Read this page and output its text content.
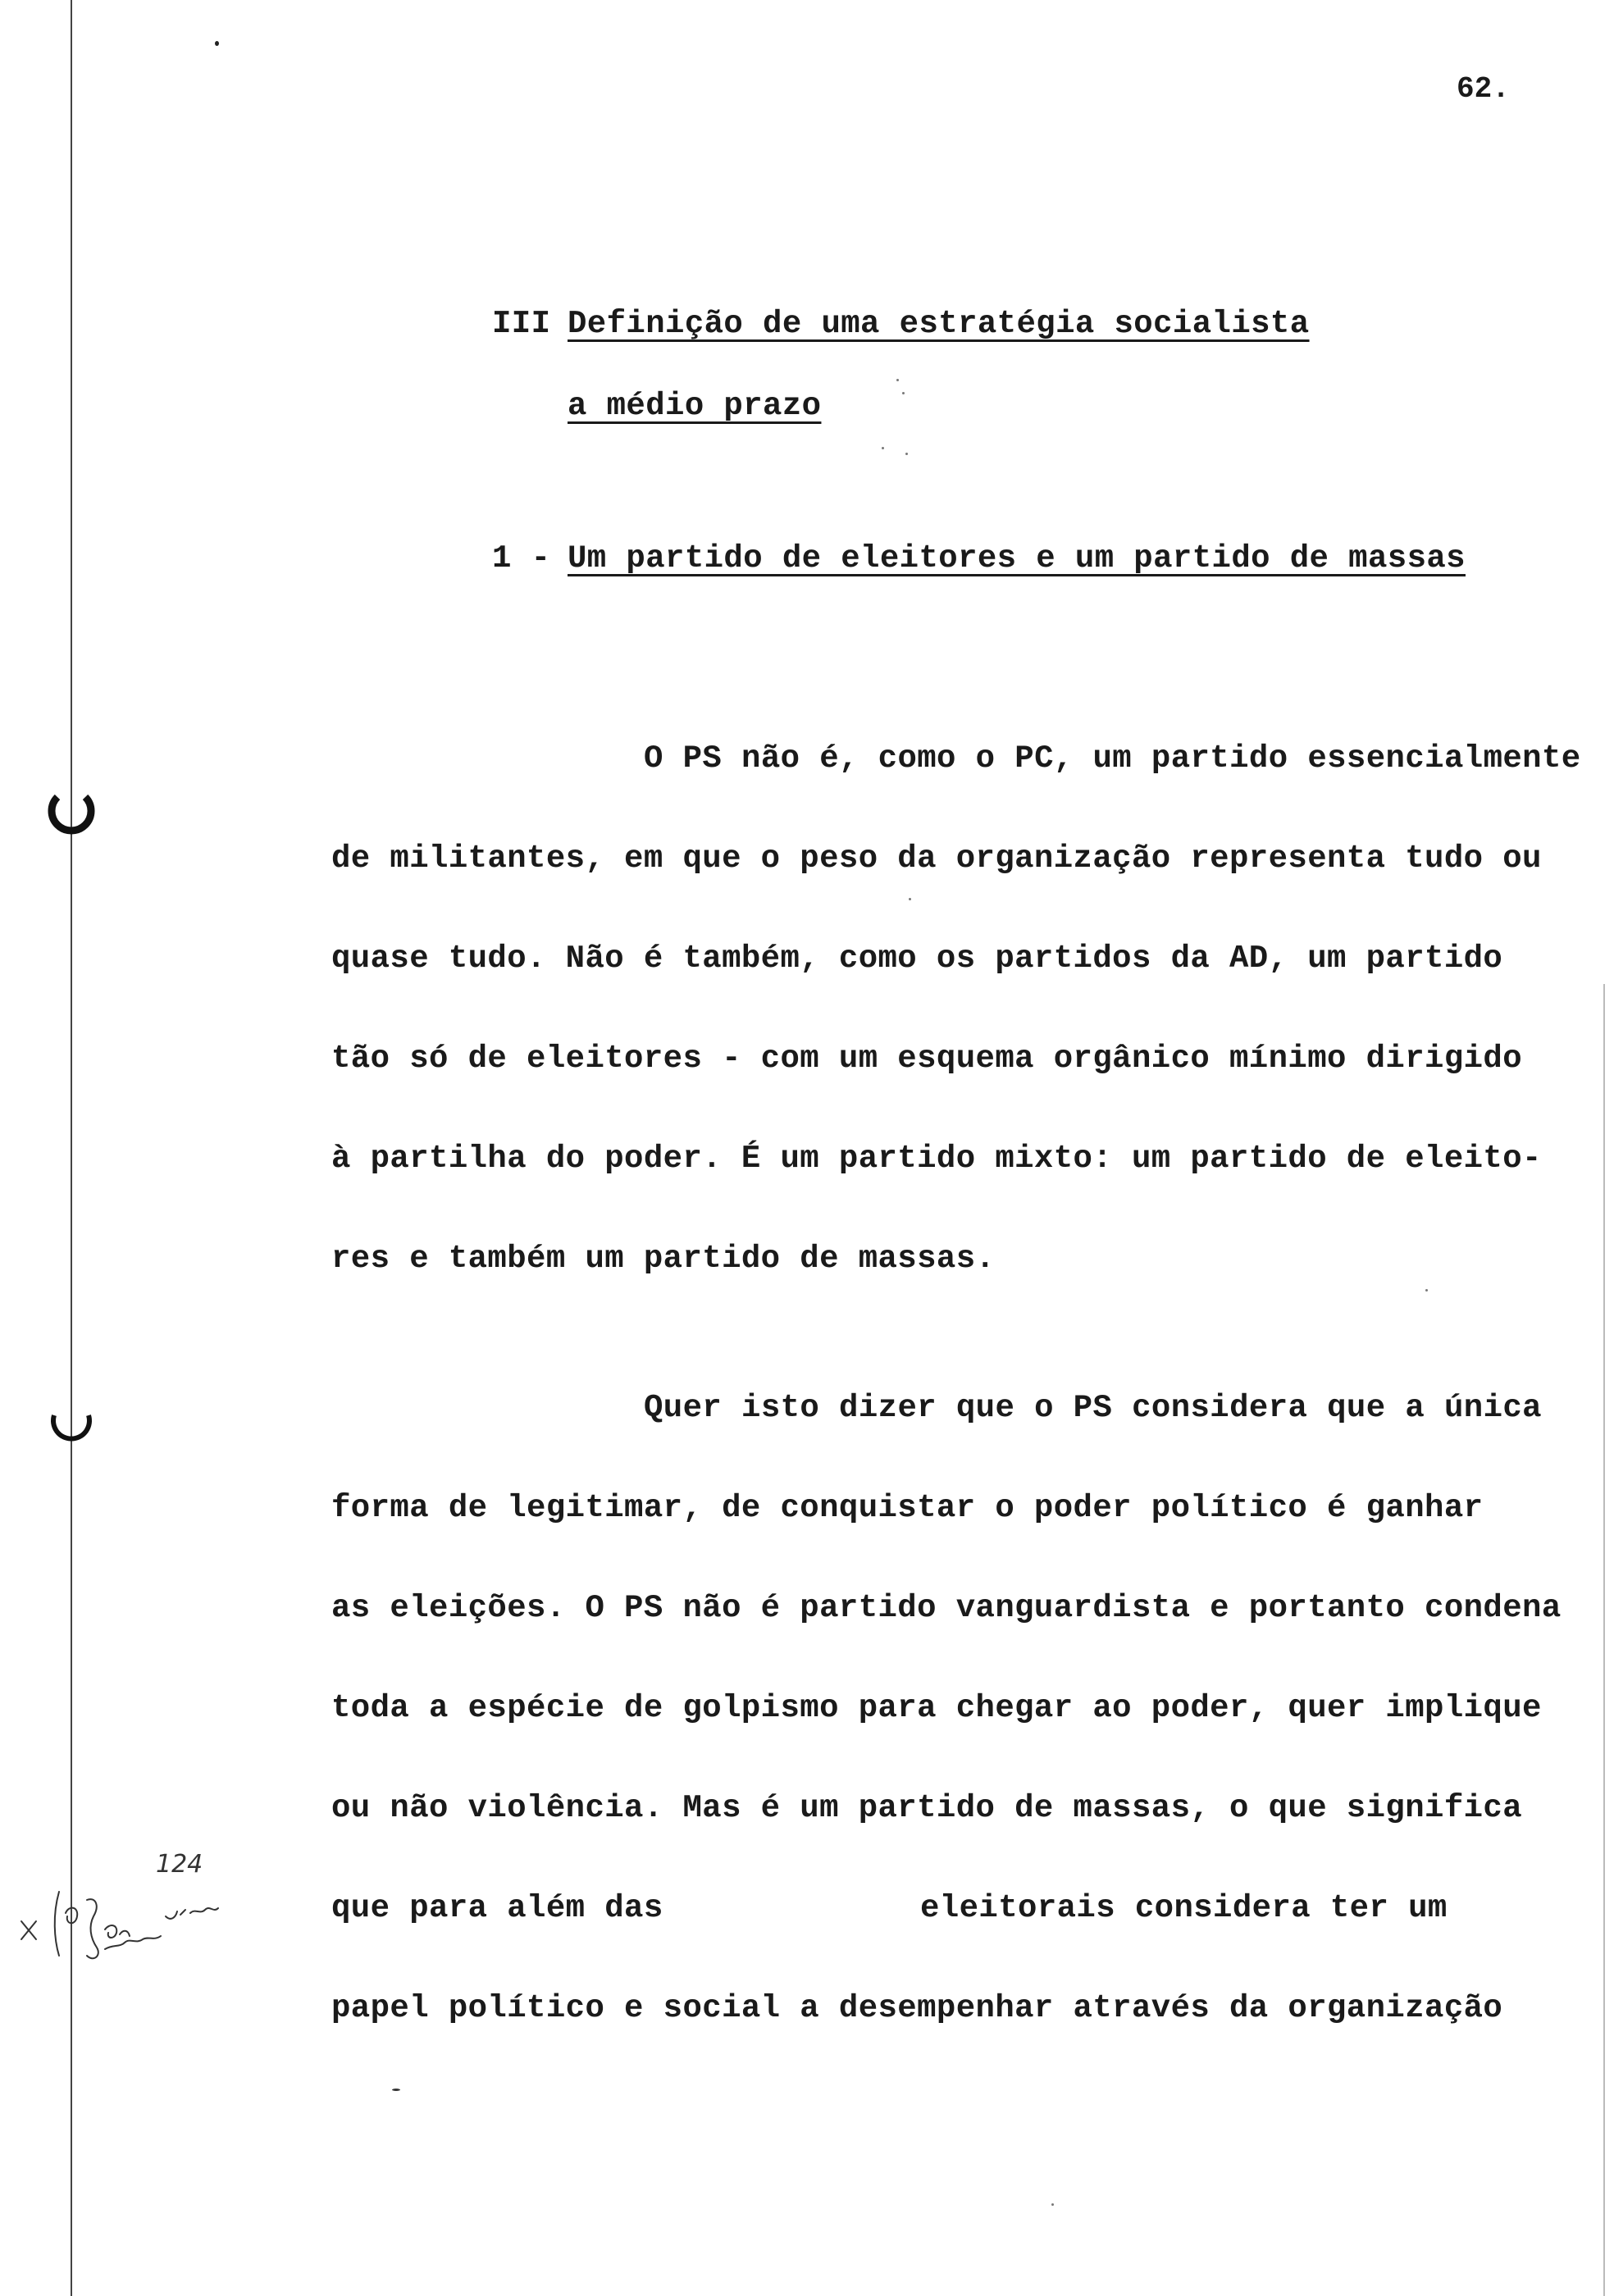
62.
III Definição de uma estratégia socialista
a médio prazo
1 - Um partido de eleitores e um partido de massas
O PS não é, como o PC, um partido essencialmente
de militantes, em que o peso da organização representa tudo ou
quase tudo. Não é também, como os partidos da AD, um partido
tão só de eleitores - com um esquema orgânico mínimo dirigido
à partilha do poder. É um partido mixto: um partido de eleito-
res e também um partido de massas.
Quer isto dizer que o PS considera que a única
forma de legitimar, de conquistar o poder político é ganhar
as eleições. O PS não é partido vanguardista e portanto condena
toda a espécie de golpismo para chegar ao poder, quer implique
ou não violência. Mas é um partido de massas, o que significa
que para além das	eleitorais considera ter um
papel político e social a desempenhar através da organização
124
